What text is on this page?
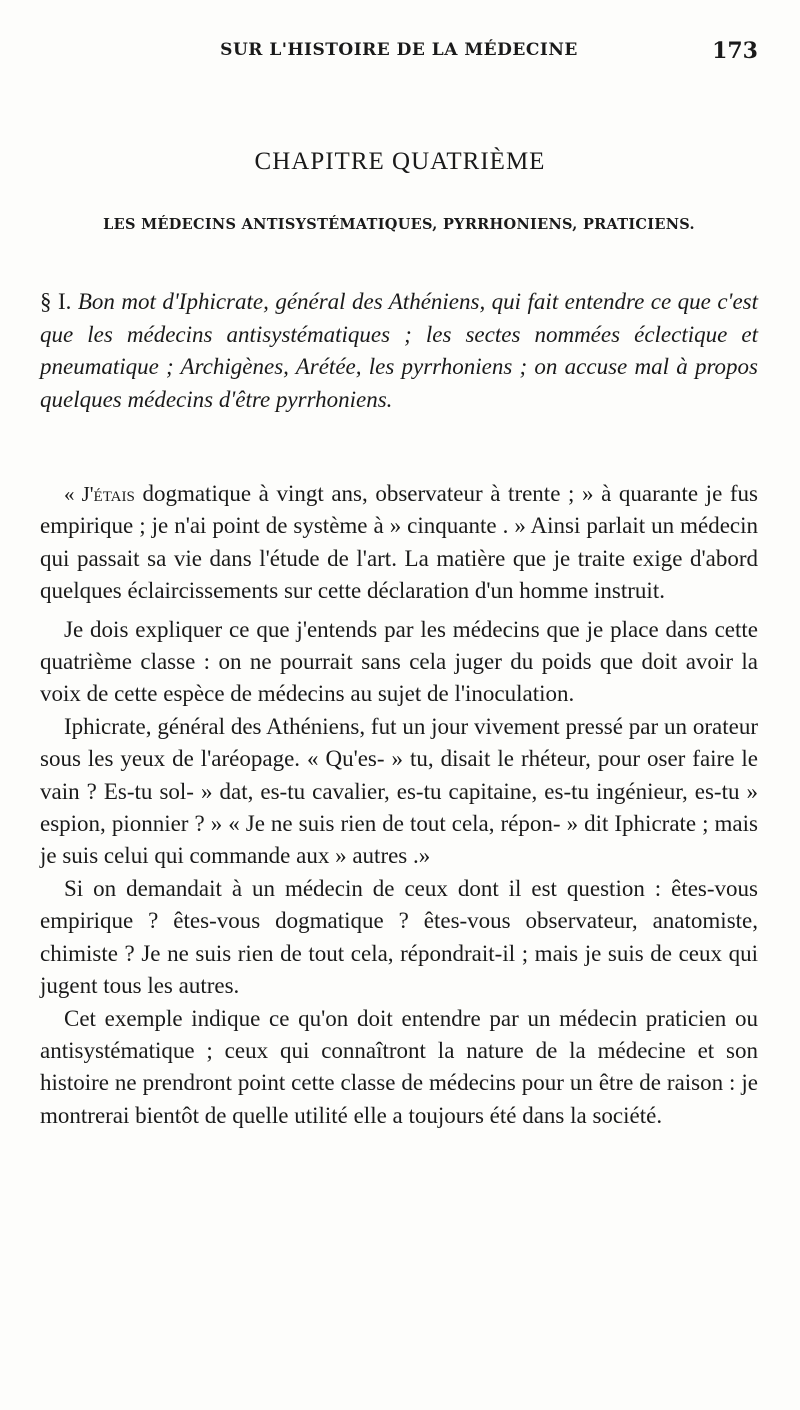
SUR L'HISTOIRE DE LA MÉDECINE	173
CHAPITRE QUATRIÈME
LES MÉDECINS ANTISYSTÉMATIQUES, PYRRHONIENS, PRATICIENS.
§ I. Bon mot d'Iphicrate, général des Athéniens, qui fait entendre ce que c'est que les médecins antisystématiques ; les sectes nommées éclectique et pneumatique ; Archigènes, Arétée, les pyrrhoniens ; on accuse mal à propos quelques médecins d'être pyrrhoniens.

« J'étais dogmatique à vingt ans, observateur à trente ; » à quarante je fus empirique ; je n'ai point de système à » cinquante . » Ainsi parlait un médecin qui passait sa vie dans l'étude de l'art. La matière que je traite exige d'abord quelques éclaircissements sur cette déclaration d'un homme instruit.

Je dois expliquer ce que j'entends par les médecins que je place dans cette quatrième classe : on ne pourrait sans cela juger du poids que doit avoir la voix de cette espèce de médecins au sujet de l'inoculation.

Iphicrate, général des Athéniens, fut un jour vivement pressé par un orateur sous les yeux de l'aréopage. « Qu'es- » tu, disait le rhéteur, pour oser faire le vain ? Es-tu sol- » dat, es-tu cavalier, es-tu capitaine, es-tu ingénieur, es-tu » espion, pionnier ? » « Je ne suis rien de tout cela, répon- » dit Iphicrate ; mais je suis celui qui commande aux » autres .»

Si on demandait à un médecin de ceux dont il est question : êtes-vous empirique ? êtes-vous dogmatique ? êtes-vous observateur, anatomiste, chimiste ? Je ne suis rien de tout cela, répondrait-il ; mais je suis de ceux qui jugent tous les autres.

Cet exemple indique ce qu'on doit entendre par un médecin praticien ou antisystématique ; ceux qui connaîtront la nature de la médecine et son histoire ne prendront point cette classe de médecins pour un être de raison : je montrerai bientôt de quelle utilité elle a toujours été dans la société.
